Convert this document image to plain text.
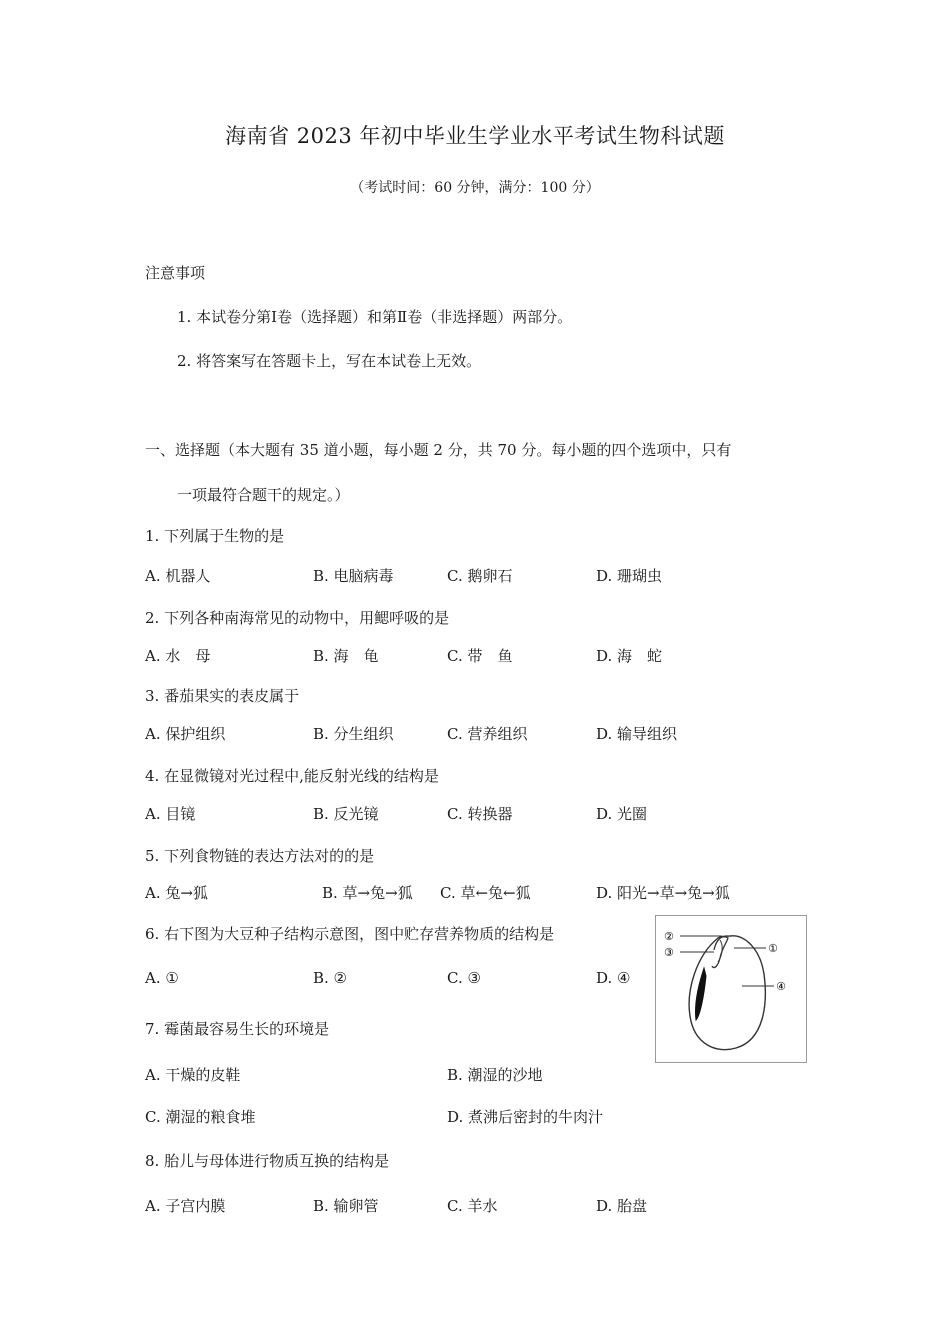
海南省 2023 年初中毕业生学业水平考试生物科试题
（考试时间：60 分钟，满分：100 分）
注意事项
1. 本试卷分第Ⅰ卷（选择题）和第Ⅱ卷（非选择题）两部分。
2. 将答案写在答题卡上，写在本试卷上无效。
一、选择题（本大题有 35 道小题，每小题 2 分，共 70 分。每小题的四个选项中，只有
一项最符合题干的规定。）
1. 下列属于生物的是
A. 机器人	B. 电脑病毒	C. 鹅卵石	D. 珊瑚虫
2. 下列各种南海常见的动物中，用鳃呼吸的是
A. 水　母	B. 海　龟	C. 带　鱼	D. 海　蛇
3. 番茄果实的表皮属于
A. 保护组织	B. 分生组织	C. 营养组织	D. 输导组织
4. 在显微镜对光过程中,能反射光线的结构是
A. 目镜	B. 反光镜	C. 转换器	D. 光圈
5. 下列食物链的表达方法对的的是
A. 兔→狐	B. 草→兔→狐 C. 草←兔←狐	D. 阳光→草→兔→狐
6. 右下图为大豆种子结构示意图，图中贮存营养物质的结构是
A. ①	B. ②	C. ③	D. ④
②
③	①
④
7. 霉菌最容易生长的环境是
A. 干燥的皮鞋	B. 潮湿的沙地
C. 潮湿的粮食堆	D. 煮沸后密封的牛肉汁
8. 胎儿与母体进行物质互换的结构是
A. 子宫内膜	B. 输卵管	C. 羊水	D. 胎盘
